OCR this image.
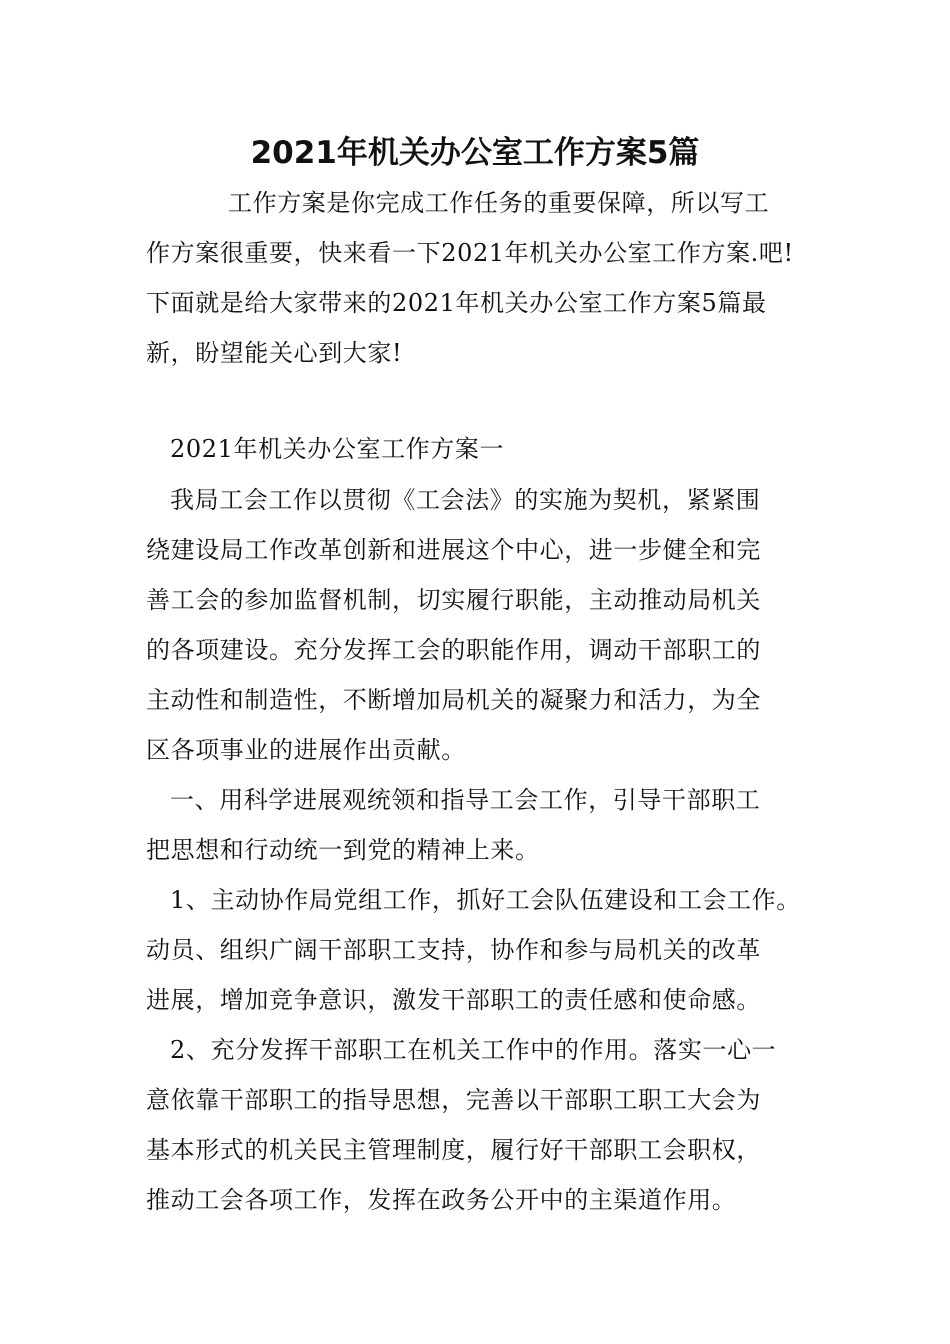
2021年机关办公室工作方案5篇
工作方案是你完成工作任务的重要保障，所以写工
作方案很重要，快来看一下2021年机关办公室工作方案.吧!
下面就是给大家带来的2021年机关办公室工作方案5篇最
新，盼望能关心到大家!
2021年机关办公室工作方案一
我局工会工作以贯彻《工会法》的实施为契机，紧紧围
绕建设局工作改革创新和进展这个中心，进一步健全和完
善工会的参加监督机制，切实履行职能，主动推动局机关
的各项建设。充分发挥工会的职能作用，调动干部职工的
主动性和制造性，不断增加局机关的凝聚力和活力，为全
区各项事业的进展作出贡献。
一、用科学进展观统领和指导工会工作，引导干部职工
把思想和行动统一到党的精神上来。
1、主动协作局党组工作，抓好工会队伍建设和工会工作。
动员、组织广阔干部职工支持，协作和参与局机关的改革
进展，增加竞争意识，激发干部职工的责任感和使命感。
2、充分发挥干部职工在机关工作中的作用。落实一心一
意依靠干部职工的指导思想，完善以干部职工职工大会为
基本形式的机关民主管理制度，履行好干部职工会职权，
推动工会各项工作，发挥在政务公开中的主渠道作用。
